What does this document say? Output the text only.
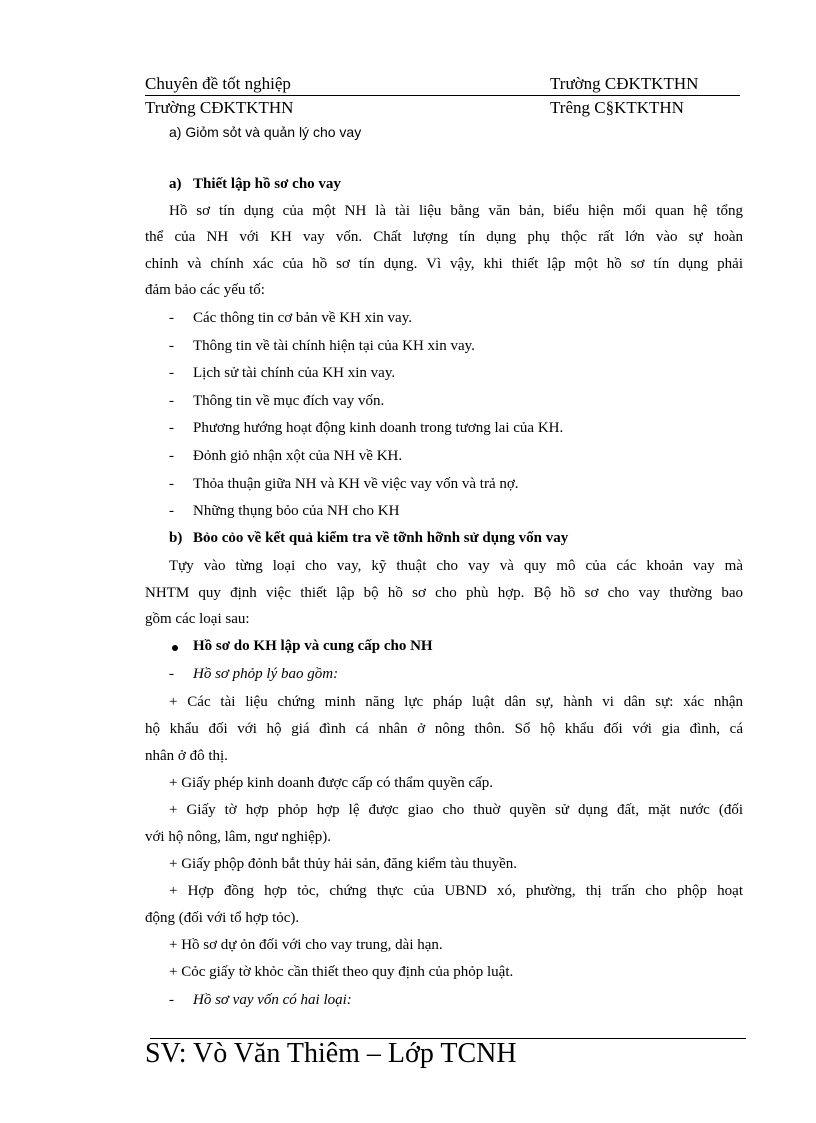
Chuyên đề tốt nghiệp	Trường CĐKTKTHN
Trường CĐKTKTHN	Trêng C§KTKTHN
a) Giỏm sỏt và quản lý cho vay
a) Thiết lập hồ sơ cho vay
Hồ sơ tín dụng của một NH là tài liệu bằng văn bản, biểu hiện mối quan hệ tổng
thể của NH với KH vay vốn. Chất lượng tín dụng phụ thộc rất lớn vào sự hoàn
chỉnh và chính xác của hồ sơ tín dụng. Vì vậy, khi thiết lập một hồ sơ tín dụng phải
đảm bảo các yếu tố:
- Các thông tin cơ bản về KH xin vay.
- Thông tin về tài chính hiện tại của KH xin vay.
- Lịch sử tài chính của KH xin vay.
- Thông tin về mục đích vay vốn.
- Phương hướng hoạt động kinh doanh trong tương lai của KH.
- Đỏnh giỏ nhận xột của NH về KH.
- Thỏa thuận giữa NH và KH về việc vay vốn và trả nợ.
- Những thụng bỏo của NH cho KH
b) Bỏo cỏo về kết quả kiểm tra về tỡnh hỡnh sử dụng vốn vay
Tựy vào từng loại cho vay, kỹ thuật cho vay và quy mô của các khoản vay mà
NHTM quy định việc thiết lập bộ hồ sơ cho phù hợp. Bộ hồ sơ cho vay thường bao
gồm các loại sau:
Hồ sơ do KH lập và cung cấp cho NH
- Hồ sơ phỏp lý bao gồm:
+ Các tài liệu chứng minh năng lực pháp luật dân sự, hành vi dân sự: xác nhận
hộ khẩu đối với hộ giá đình cá nhân ở nông thôn. Sổ hộ khẩu đối với gia đình, cá
nhân ở đô thị.
+ Giấy phép kinh doanh được cấp có thẩm quyền cấp.
+ Giấy tờ hợp phỏp hợp lệ được giao cho thuờ quyền sử dụng đất, mặt nước (đối
với hộ nông, lâm, ngư nghiệp).
+ Giấy phộp đỏnh bắt thủy hải sản, đăng kiểm tàu thuyền.
+ Hợp đồng hợp tỏc, chứng thực của UBND xó, phường, thị trấn cho phộp hoạt
động (đối với tổ hợp tỏc).
+ Hồ sơ dự ỏn đối với cho vay trung, dài hạn.
+ Cỏc giấy tờ khỏc cần thiết theo quy định của phỏp luật.
- Hồ sơ vay vốn có hai loại:
SV: Vò Văn Thiêm – Lớp TCNH
